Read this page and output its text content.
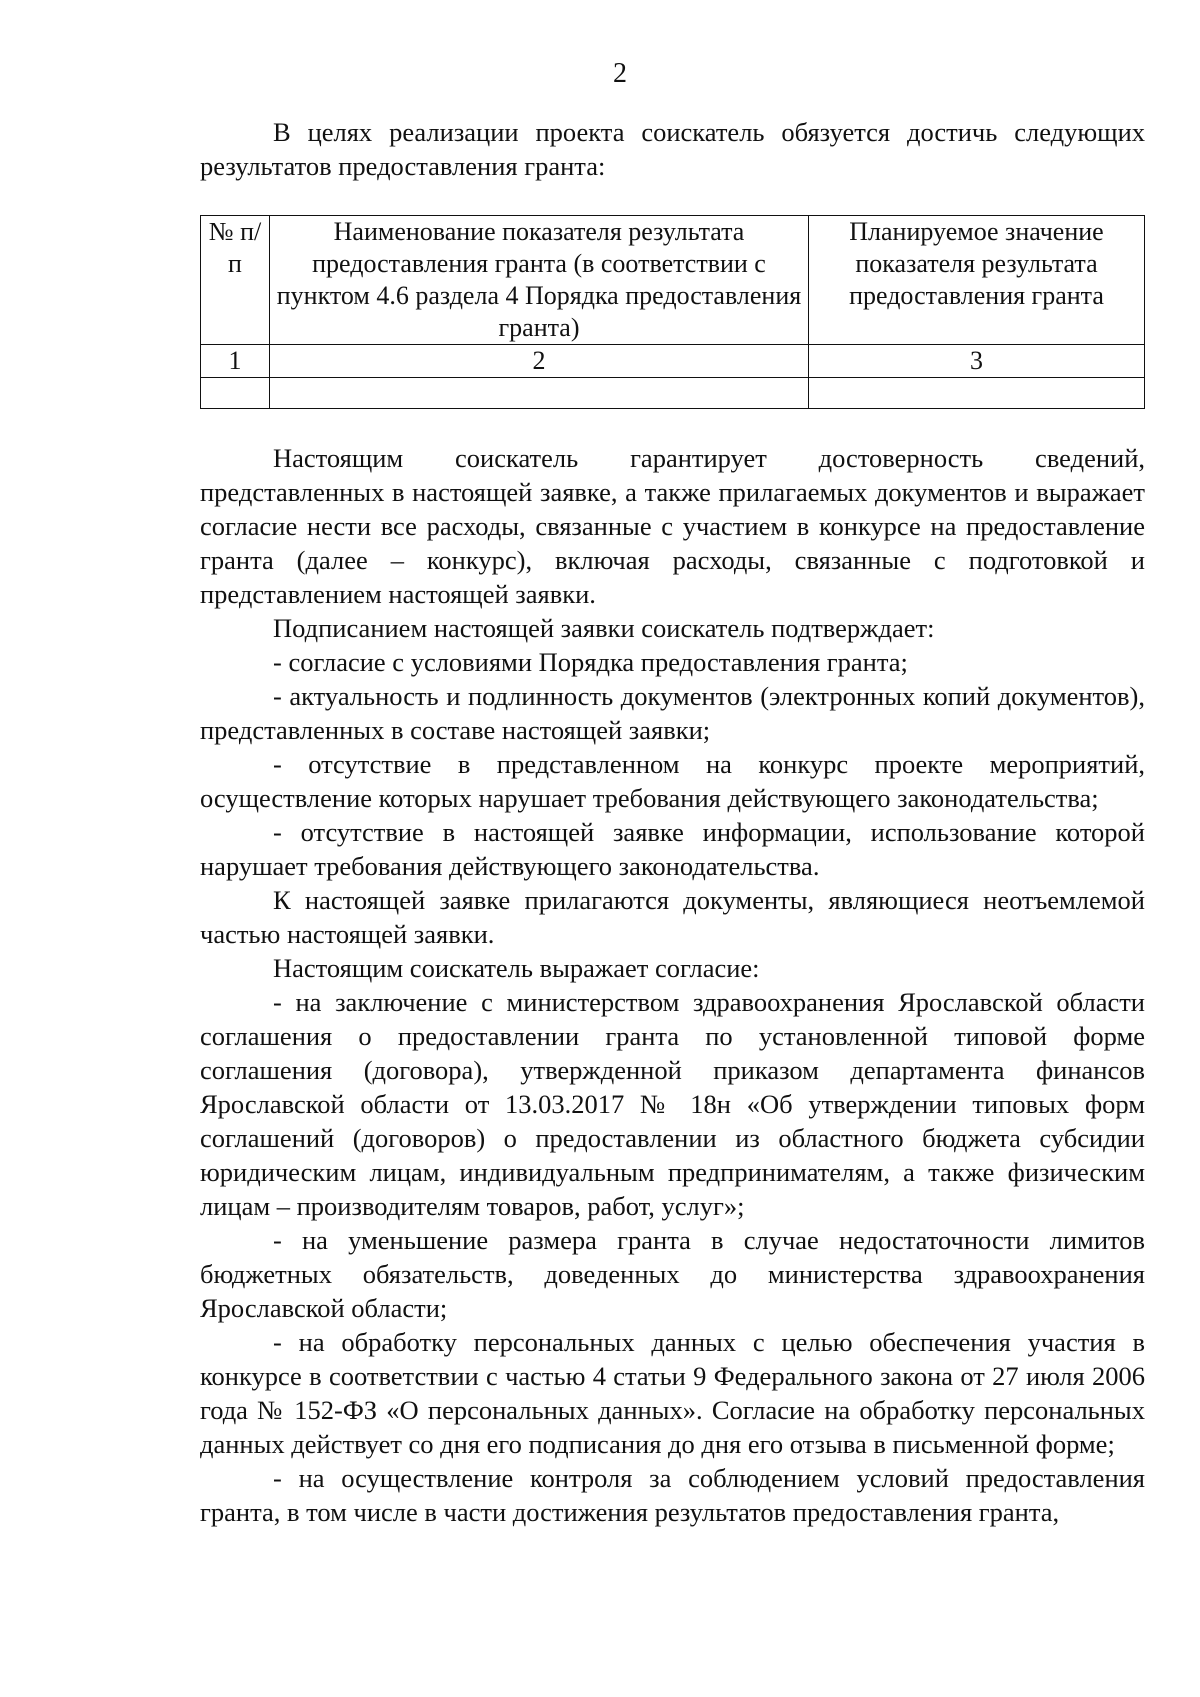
2

В целях реализации проекта соискатель обязуется достичь следующих результатов предоставления гранта:

№ п/п	Наименование показателя результата предоставления гранта (в соответствии с пунктом 4.6 раздела 4 Порядка предоставления гранта)	Планируемое значение показателя результата предоставления гранта
1	2	3

Настоящим соискатель гарантирует достоверность сведений, представленных в настоящей заявке, а также прилагаемых документов и выражает согласие нести все расходы, связанные с участием в конкурсе на предоставление гранта (далее – конкурс), включая расходы, связанные с подготовкой и представлением настоящей заявки.

Подписанием настоящей заявки соискатель подтверждает:

- согласие с условиями Порядка предоставления гранта;

- актуальность и подлинность документов (электронных копий документов), представленных в составе настоящей заявки;

- отсутствие в представленном на конкурс проекте мероприятий, осуществление которых нарушает требования действующего законодательства;

- отсутствие в настоящей заявке информации, использование которой нарушает требования действующего законодательства.

К настоящей заявке прилагаются документы, являющиеся неотъемлемой частью настоящей заявки.

Настоящим соискатель выражает согласие:

- на заключение с министерством здравоохранения Ярославской области соглашения о предоставлении гранта по установленной типовой форме соглашения (договора), утвержденной приказом департамента финансов Ярославской области от 13.03.2017 № 18н «Об утверждении типовых форм соглашений (договоров) о предоставлении из областного бюджета субсидии юридическим лицам, индивидуальным предпринимателям, а также физическим лицам – производителям товаров, работ, услуг»;

- на уменьшение размера гранта в случае недостаточности лимитов бюджетных обязательств, доведенных до министерства здравоохранения Ярославской области;

- на обработку персональных данных с целью обеспечения участия в конкурсе в соответствии с частью 4 статьи 9 Федерального закона от 27 июля 2006 года № 152-ФЗ «О персональных данных». Согласие на обработку персональных данных действует со дня его подписания до дня его отзыва в письменной форме;

- на осуществление контроля за соблюдением условий предоставления гранта, в том числе в части достижения результатов предоставления гранта,
